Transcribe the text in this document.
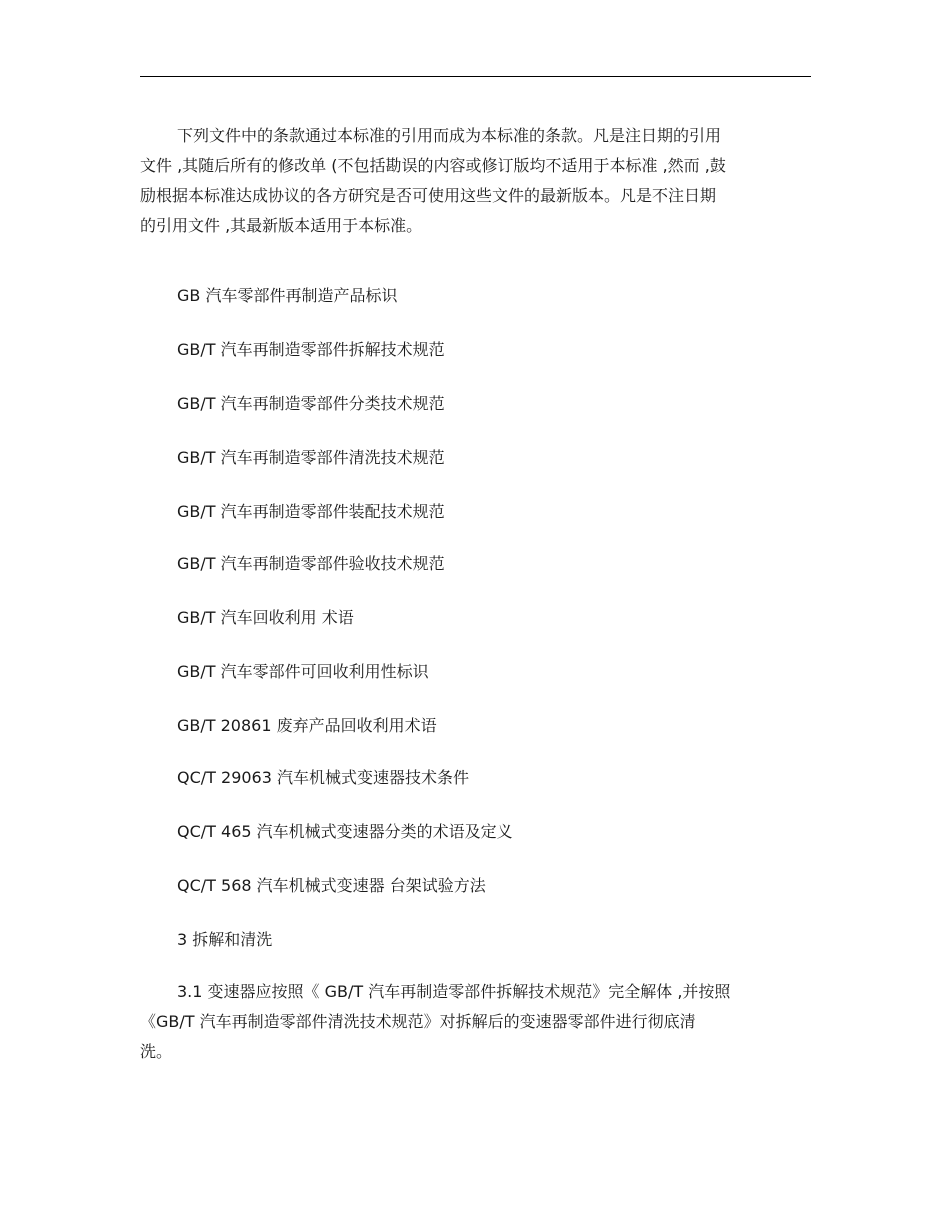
下列文件中的条款通过本标准的引用而成为本标准的条款。凡是注日期的引用
文件 ,其随后所有的修改单 (不包括勘误的内容或修订版均不适用于本标准 ,然而 ,鼓
励根据本标准达成协议的各方研究是否可使用这些文件的最新版本。凡是不注日期
的引用文件 ,其最新版本适用于本标准。

GB 汽车零部件再制造产品标识

GB/T 汽车再制造零部件拆解技术规范

GB/T 汽车再制造零部件分类技术规范

GB/T 汽车再制造零部件清洗技术规范

GB/T 汽车再制造零部件装配技术规范

GB/T 汽车再制造零部件验收技术规范

GB/T 汽车回收利用 术语

GB/T 汽车零部件可回收利用性标识

GB/T 20861 废弃产品回收利用术语

QC/T 29063 汽车机械式变速器技术条件

QC/T 465 汽车机械式变速器分类的术语及定义

QC/T 568 汽车机械式变速器 台架试验方法

3 拆解和清洗

3.1 变速器应按照《 GB/T 汽车再制造零部件拆解技术规范》完全解体 ,并按照
《GB/T 汽车再制造零部件清洗技术规范》对拆解后的变速器零部件进行彻底清
洗。
